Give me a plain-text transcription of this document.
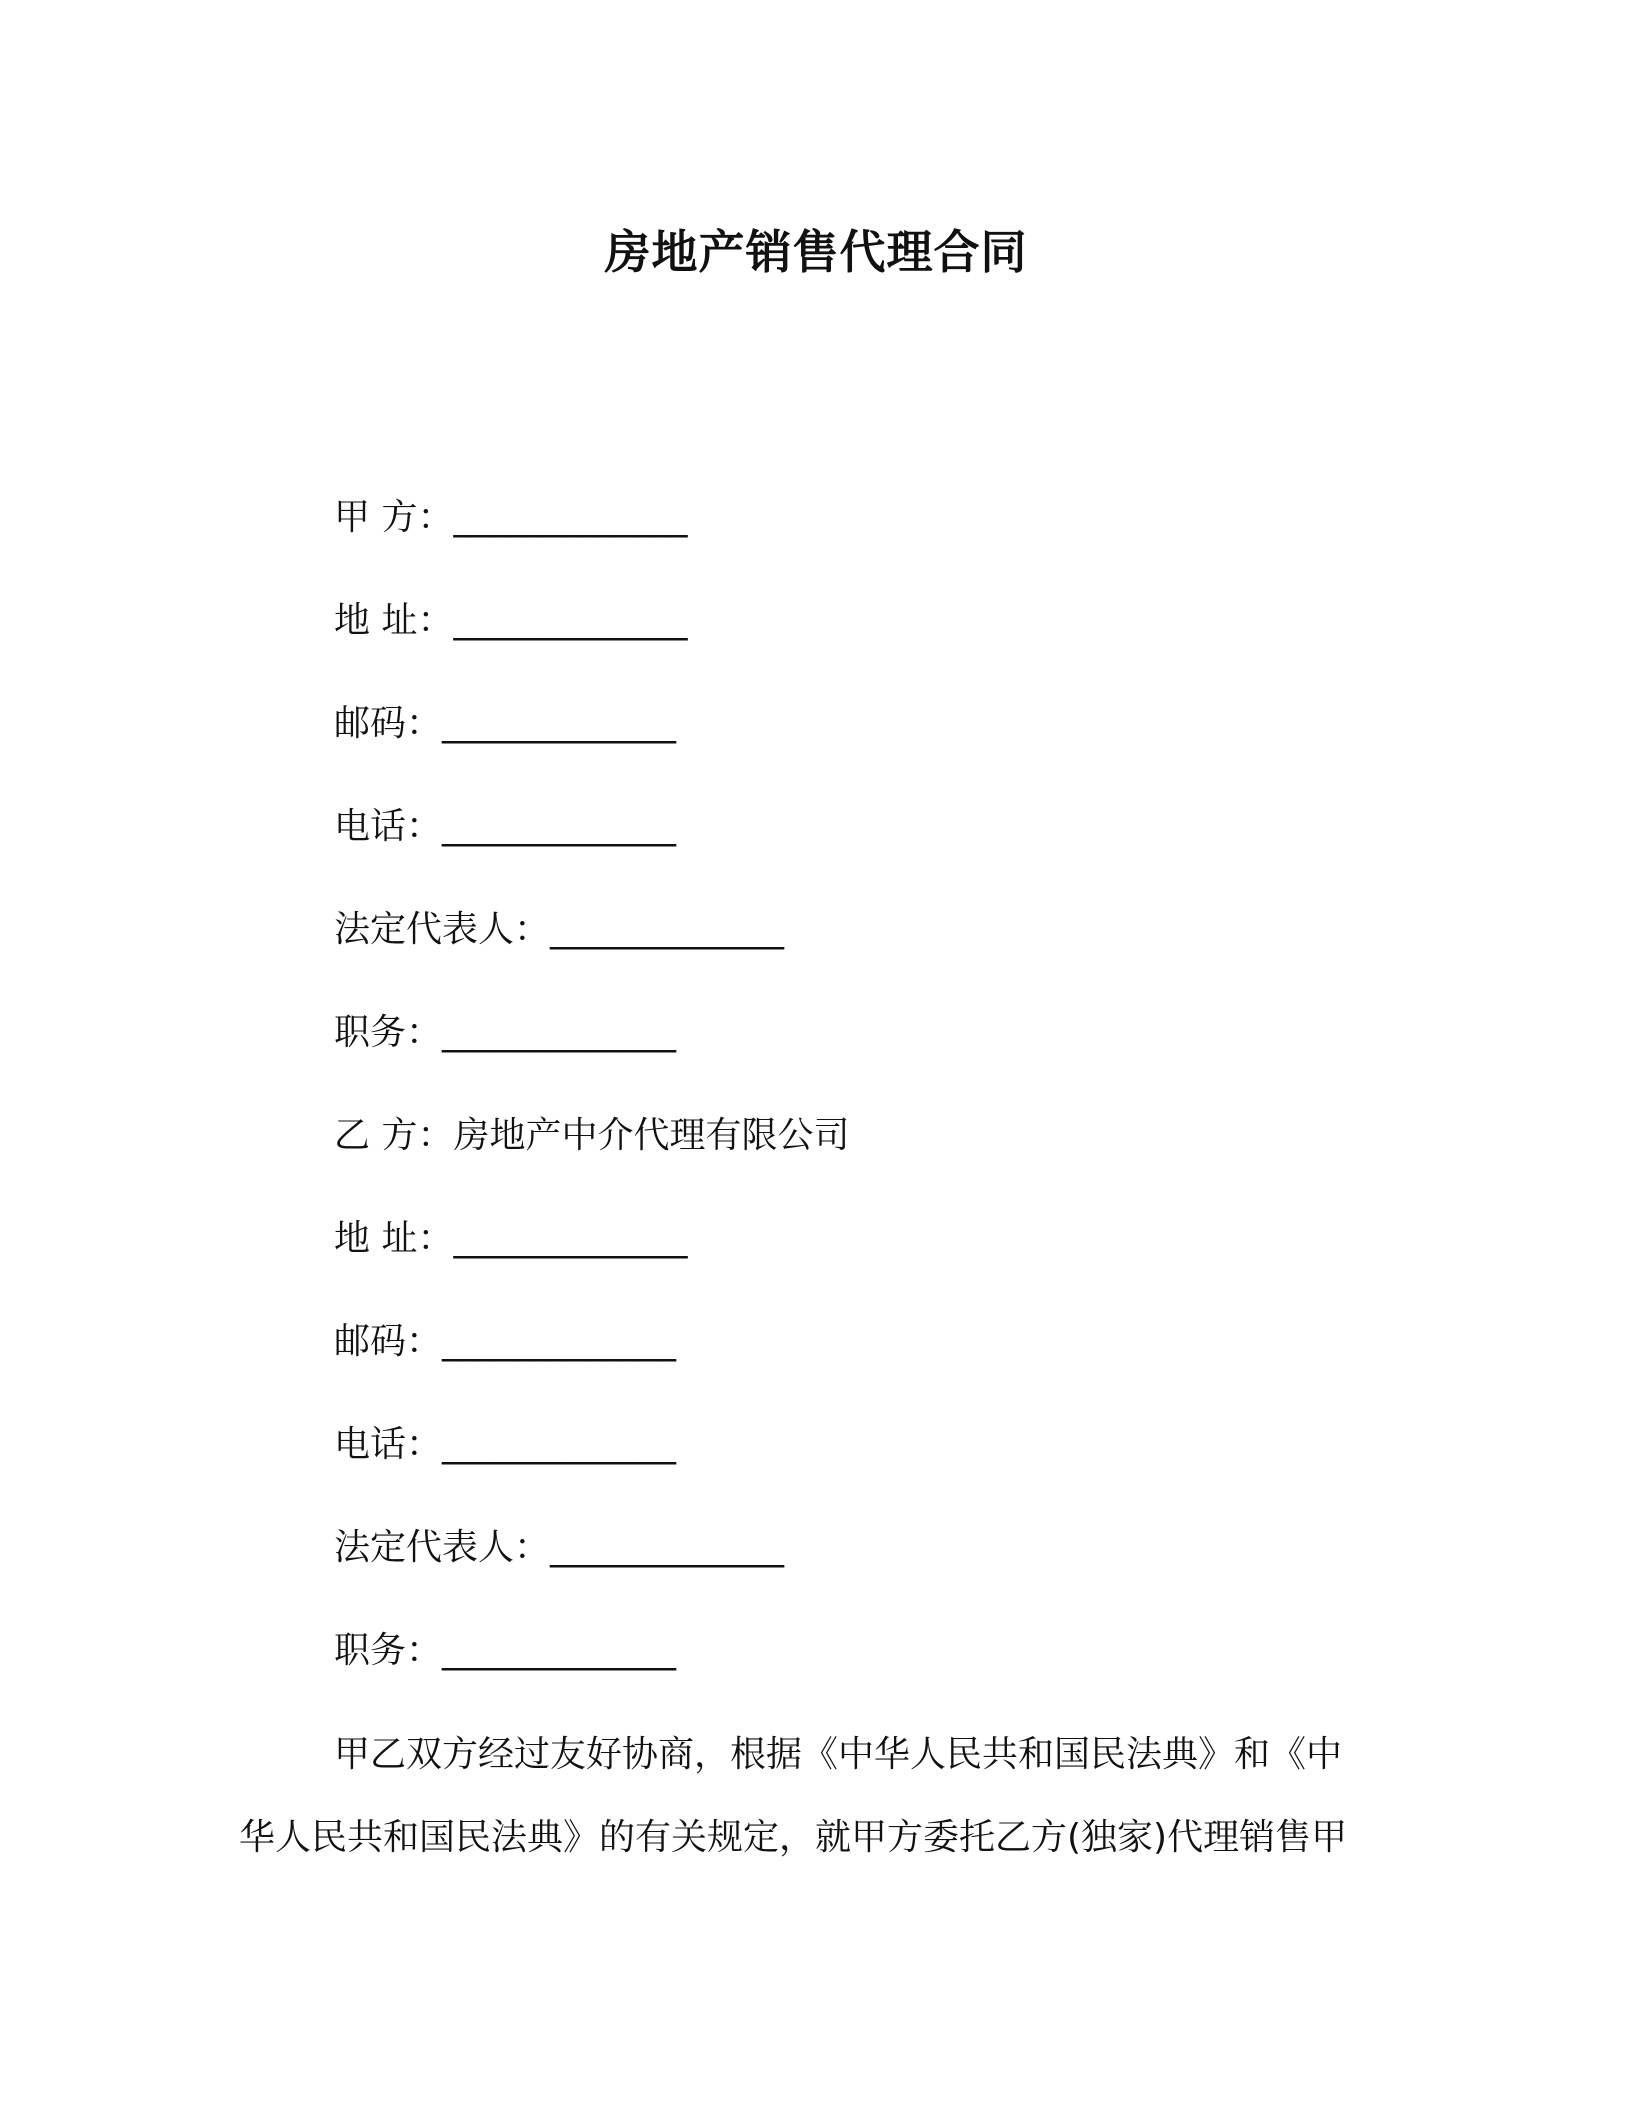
房地产销售代理合同
甲 方：_____________
地 址：_____________
邮码：_____________
电话：_____________
法定代表人：_____________
职务：_____________
乙 方：房地产中介代理有限公司
地 址：_____________
邮码：_____________
电话：_____________
法定代表人：_____________
职务：_____________
甲乙双方经过友好协商，根据《中华人民共和国民法典》和《中
华人民共和国民法典》的有关规定，就甲方委托乙方(独家)代理销售甲
